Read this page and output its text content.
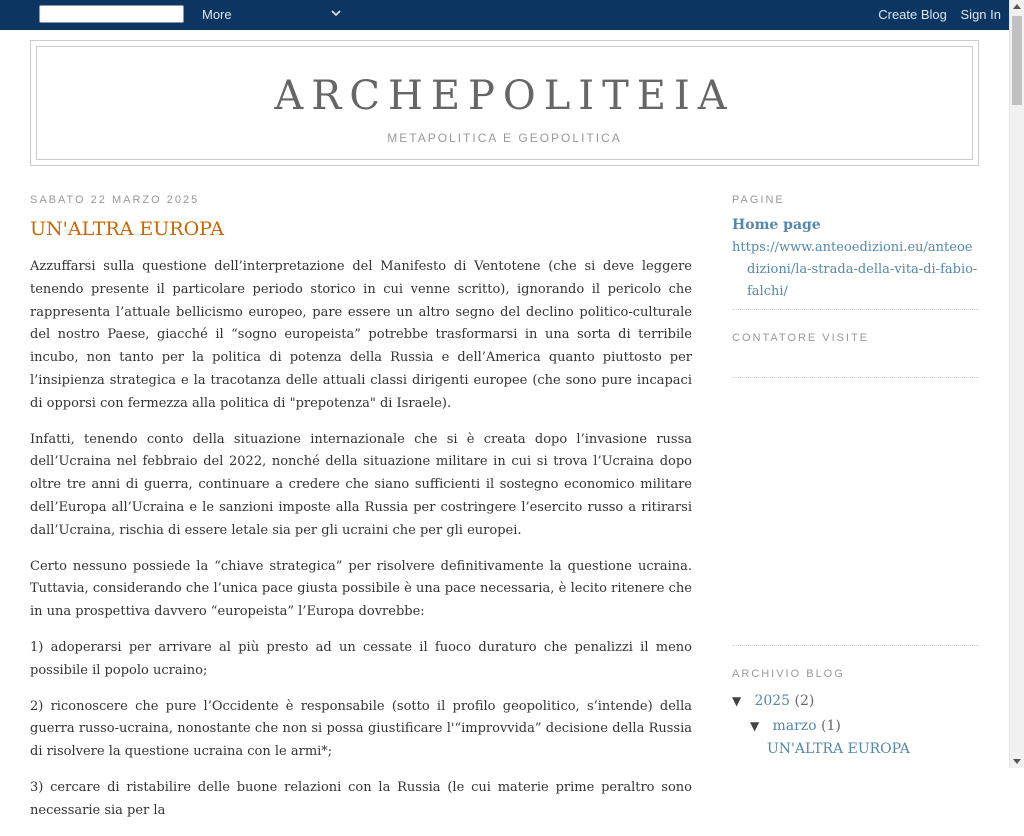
More	Create Blog Sign In
ARCHEPOLITEIA
METAPOLITICA E GEOPOLITICA
SABATO 22 MARZO 2025
UN'ALTRA EUROPA

Azzuffarsi sulla questione dell’interpretazione del Manifesto di Ventotene (che si deve leggere tenendo presente il particolare periodo storico in cui venne scritto), ignorando il pericolo che rappresenta l’attuale bellicismo europeo, pare essere un altro segno del declino politico-culturale del nostro Paese, giacché il “sogno europeista” potrebbe trasformarsi in una sorta di terribile incubo, non tanto per la politica di potenza della Russia e dell’America quanto piuttosto per l’insipienza strategica e la tracotanza delle attuali classi dirigenti europee (che sono pure incapaci di opporsi con fermezza alla politica di "prepotenza" di Israele).

Infatti, tenendo conto della situazione internazionale che si è creata dopo l’invasione russa dell’Ucraina nel febbraio del 2022, nonché della situazione militare in cui si trova l’Ucraina dopo oltre tre anni di guerra, continuare a credere che siano sufficienti il sostegno economico militare dell’Europa all’Ucraina e le sanzioni imposte alla Russia per costringere l’esercito russo a ritirarsi dall’Ucraina, rischia di essere letale sia per gli ucraini che per gli europei.

Certo nessuno possiede la “chiave strategica” per risolvere definitivamente la questione ucraina. Tuttavia, considerando che l’unica pace giusta possibile è una pace necessaria, è lecito ritenere che in una prospettiva davvero “europeista” l’Europa dovrebbe:

1) adoperarsi per arrivare al più presto ad un cessate il fuoco duraturo che penalizzi il meno possibile il popolo ucraino;

2) riconoscere che pure l’Occidente è responsabile (sotto il profilo geopolitico, s’intende) della guerra russo-ucraina, nonostante che non si possa giustificare l'“improvvida” decisione della Russia di risolvere la questione ucraina con le armi*;

3) cercare di ristabilire delle buone relazioni con la Russia (le cui materie prime peraltro sono necessarie sia per la

PAGINE
Home page
https://www.anteoedizioni.eu/anteoedizioni/la-strada-della-vita-di-fabio-falchi/
CONTATORE VISITE
ARCHIVIO BLOG
▼ 2025 (2)
▼ marzo (1)
UN'ALTRA EUROPA
